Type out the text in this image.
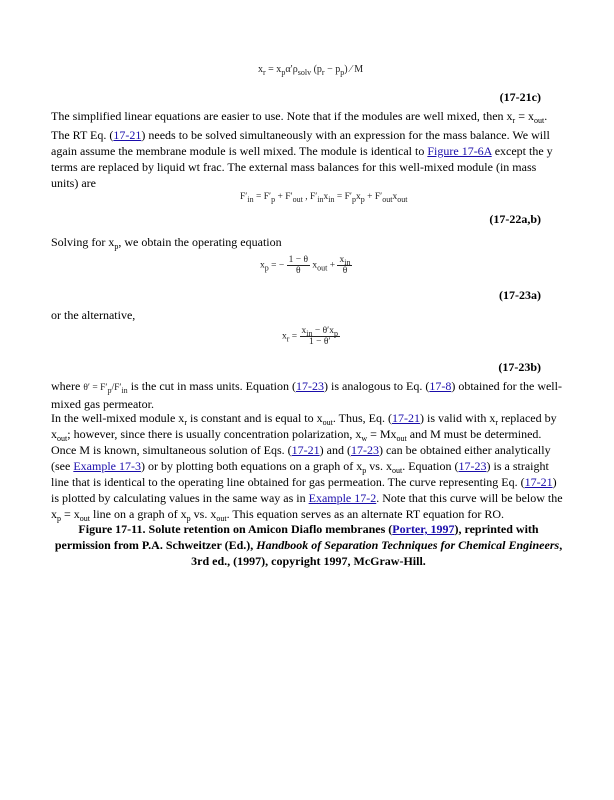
$x_r = x_p\alpha'\rho_{solv}$ $(p_r - p_p)$ ⁄ M
(17-21c)

The simplified linear equations are easier to use. Note that if the modules are well mixed, then $x_r = x_{out}$.

The RT Eq. (17-21) needs to be solved simultaneously with an expression for the mass balance. We will again assume the membrane module is well mixed. The module is identical to Figure 17-6A except the y terms are replaced by liquid wt frac. The external mass balances for this well-mixed module (in mass units) are

$F'_{in} = F'_p + F'_{out}$ , $F'_{in}x_{in} = F'_px_p + F'_{out}x_{out}$
(17-22a,b)

Solving for $x_p$, we obtain the operating equation

$x_p$ = − $\frac{1 - \theta}{\theta} x_{out} + \frac{x_{in}}{\theta}$
(17-23a)

or the alternative,

$x_r = \frac{x_{in} - \theta'x_p}{1 - \theta'}$
(17-23b)

where $\theta' = F'_p/F'_{in}$ is the cut in mass units. Equation (17-23) is analogous to Eq. (17-8) obtained for the well-mixed gas permeator.

In the well-mixed module $x_r$ is constant and is equal to $x_{out}$. Thus, Eq. (17-21) is valid with $x_r$ replaced by $x_{out}$; however, since there is usually concentration polarization, $x_w = Mx_{out}$ and M must be determined. Once M is known, simultaneous solution of Eqs. (17-21) and (17-23) can be obtained either analytically (see Example 17-3) or by plotting both equations on a graph of $x_p$ vs. $x_{out}$. Equation (17-23) is a straight line that is identical to the operating line obtained for gas permeation. The curve representing Eq. (17-21) is plotted by calculating values in the same way as in Example 17-2. Note that this curve will be below the $x_p = x_{out}$ line on a graph of $x_p$ vs. $x_{out}$. This equation serves as an alternate RT equation for RO.

Figure 17-11. Solute retention on Amicon Diaflo membranes (Porter, 1997), reprinted with permission from P.A. Schweitzer (Ed.), Handbook of Separation Techniques for Chemical Engineers, 3rd ed., (1997), copyright 1997, McGraw-Hill.
